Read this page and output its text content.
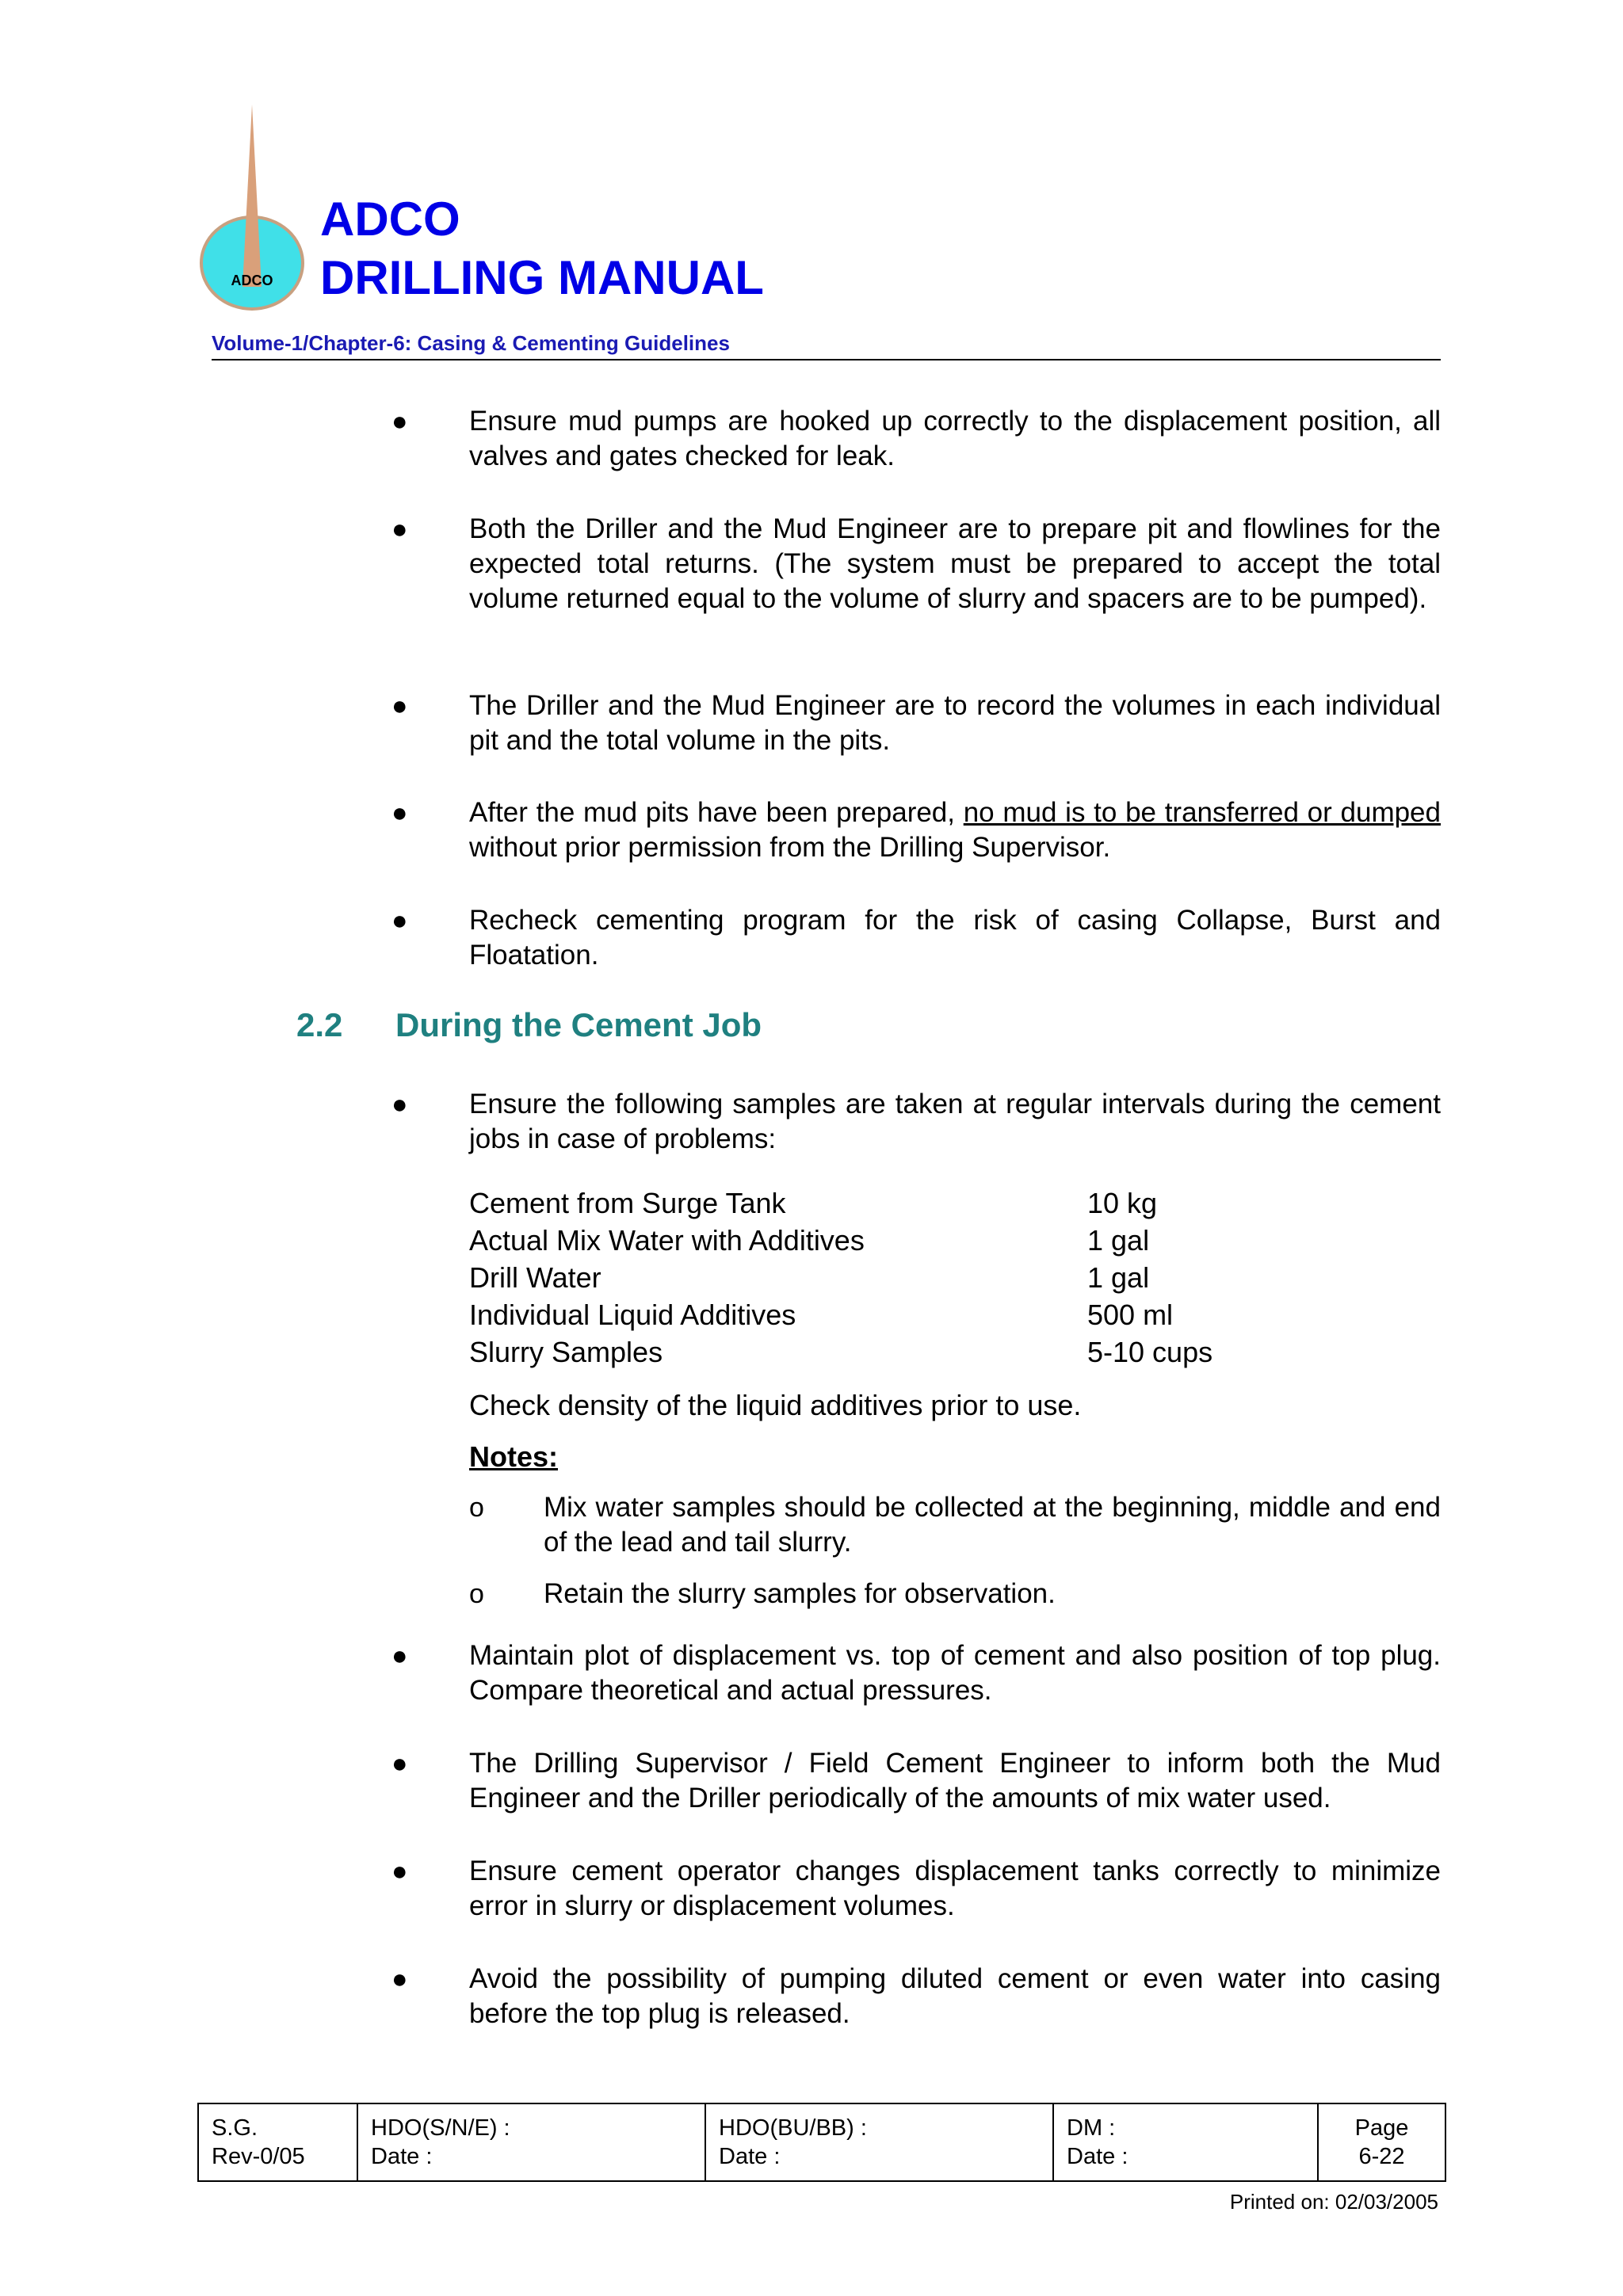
ADCO
ADCO
DRILLING MANUAL
Volume-1/Chapter-6: Casing & Cementing Guidelines
● Ensure mud pumps are hooked up correctly to the displacement position, all valves and gates checked for leak.
● Both the Driller and the Mud Engineer are to prepare pit and flowlines for the expected total returns. (The system must be prepared to accept the total volume returned equal to the volume of slurry and spacers are to be pumped).
● The Driller and the Mud Engineer are to record the volumes in each individual pit and the total volume in the pits.
● After the mud pits have been prepared, no mud is to be transferred or dumped without prior permission from the Drilling Supervisor.
● Recheck cementing program for the risk of casing Collapse, Burst and Floatation.
2.2 During the Cement Job
● Ensure the following samples are taken at regular intervals during the cement jobs in case of problems:
Cement from Surge Tank	10 kg
Actual Mix Water with Additives	1 gal
Drill Water	1 gal
Individual Liquid Additives	500 ml
Slurry Samples	5-10 cups
Check density of the liquid additives prior to use.
Notes:
o Mix water samples should be collected at the beginning, middle and end of the lead and tail slurry.
o Retain the slurry samples for observation.
● Maintain plot of displacement vs. top of cement and also position of top plug. Compare theoretical and actual pressures.
● The Drilling Supervisor / Field Cement Engineer to inform both the Mud Engineer and the Driller periodically of the amounts of mix water used.
● Ensure cement operator changes displacement tanks correctly to minimize error in slurry or displacement volumes.
● Avoid the possibility of pumping diluted cement or even water into casing before the top plug is released.
S.G.
Rev-0/05

HDO(S/N/E) :
Date :

HDO(BU/BB) :
Date :

DM :
Date :

Page
6-22
Printed on: 02/03/2005
